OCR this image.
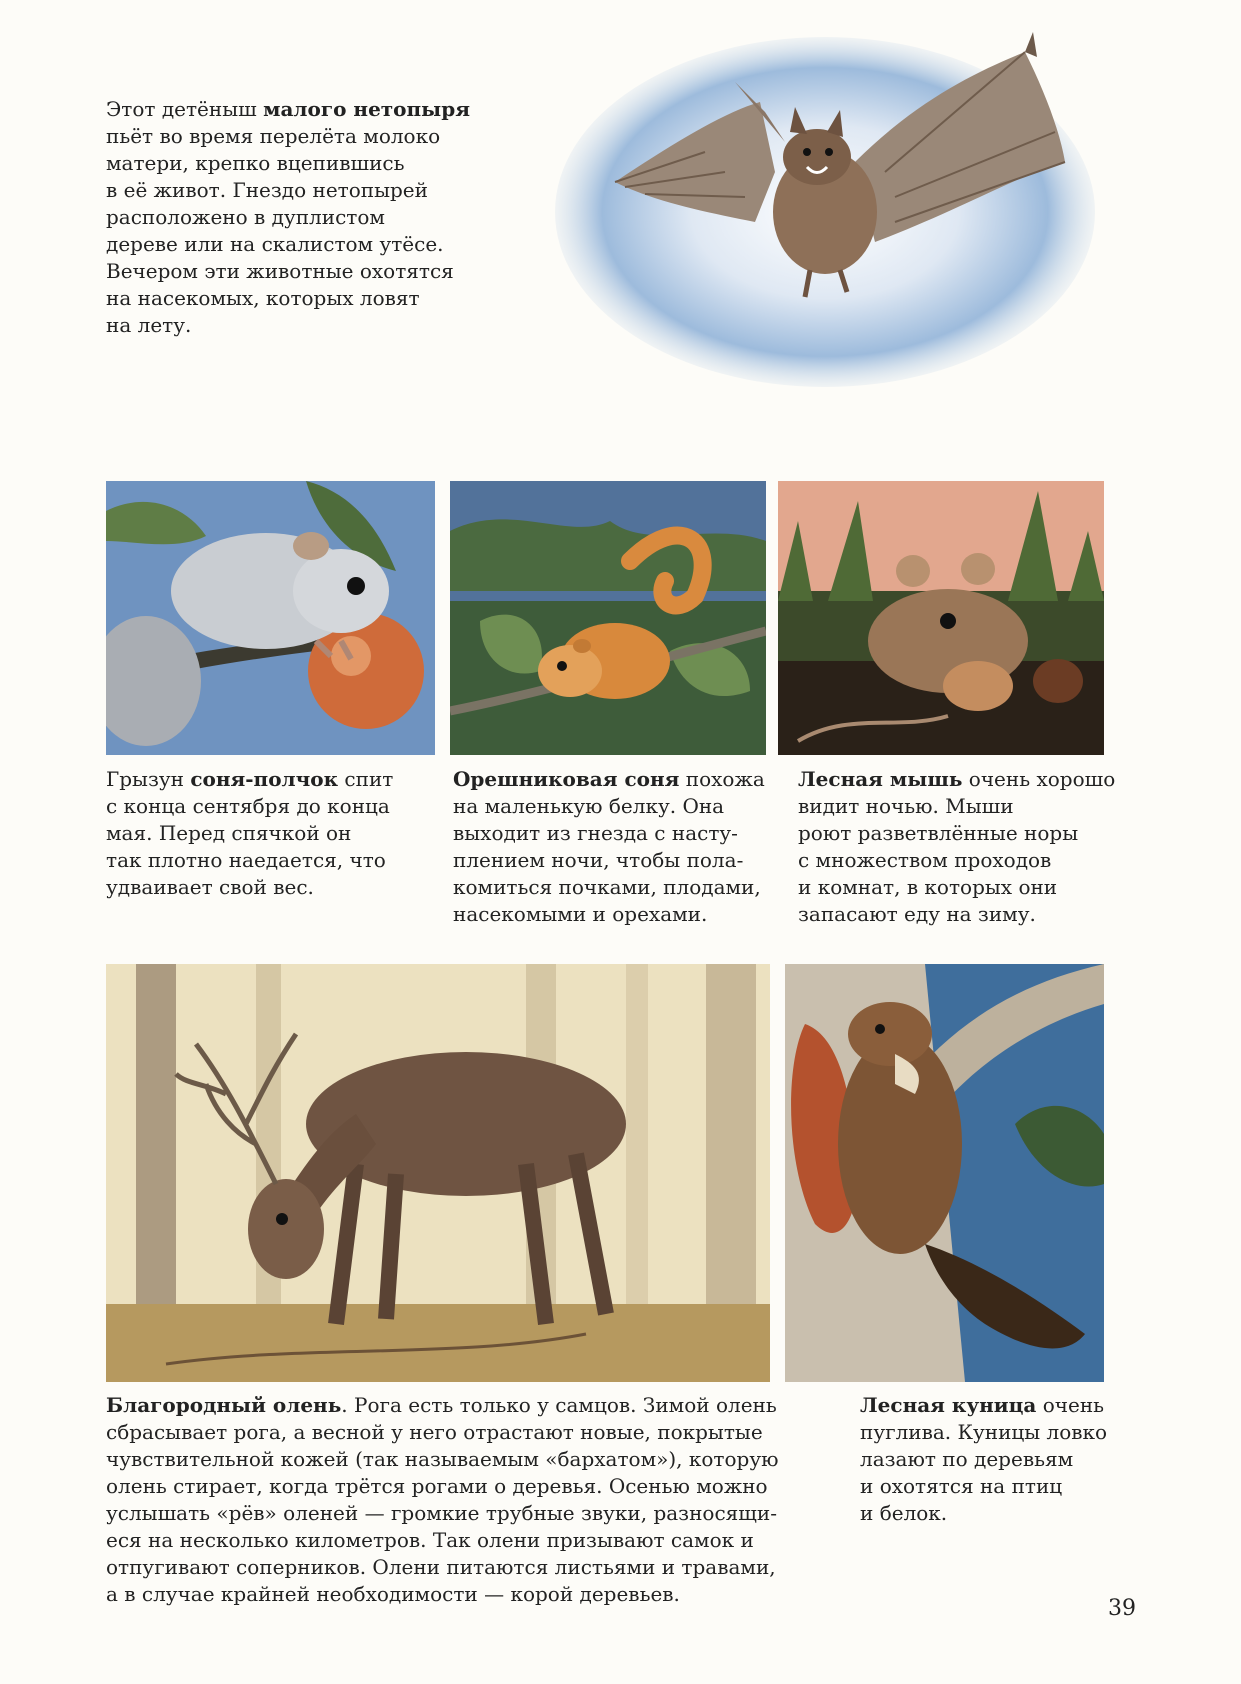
Этот детёныш малого нетопыря
пьёт во время перелёта молоко
матери, крепко вцепившись
в её живот. Гнездо нетопырей
расположено в дуплистом
дереве или на скалистом утёсе.
Вечером эти животные охотятся
на насекомых, которых ловят
на лету.
Грызун соня-полчок спит
с конца сентября до конца
мая. Перед спячкой он
так плотно наедается, что
удваивает свой вес.
Орешниковая соня похожа
на маленькую белку. Она
выходит из гнезда с насту-
плением ночи, чтобы пола-
комиться почками, плодами,
насекомыми и орехами.
Лесная мышь очень хорошо
видит ночью. Мыши
роют разветвлённые норы
с множеством проходов
и комнат, в которых они
запасают еду на зиму.
Благородный олень. Рога есть только у самцов. Зимой олень
сбрасывает рога, а весной у него отрастают новые, покрытые
чувствительной кожей (так называемым «бархатом»), которую
олень стирает, когда трётся рогами о деревья. Осенью можно
услышать «рёв» оленей — громкие трубные звуки, разносящи-
еся на несколько километров. Так олени призывают самок и
отпугивают соперников. Олени питаются листьями и травами,
а в случае крайней необходимости — корой деревьев.
Лесная куница очень
пуглива. Куницы ловко
лазают по деревьям
и охотятся на птиц
и белок.
39
